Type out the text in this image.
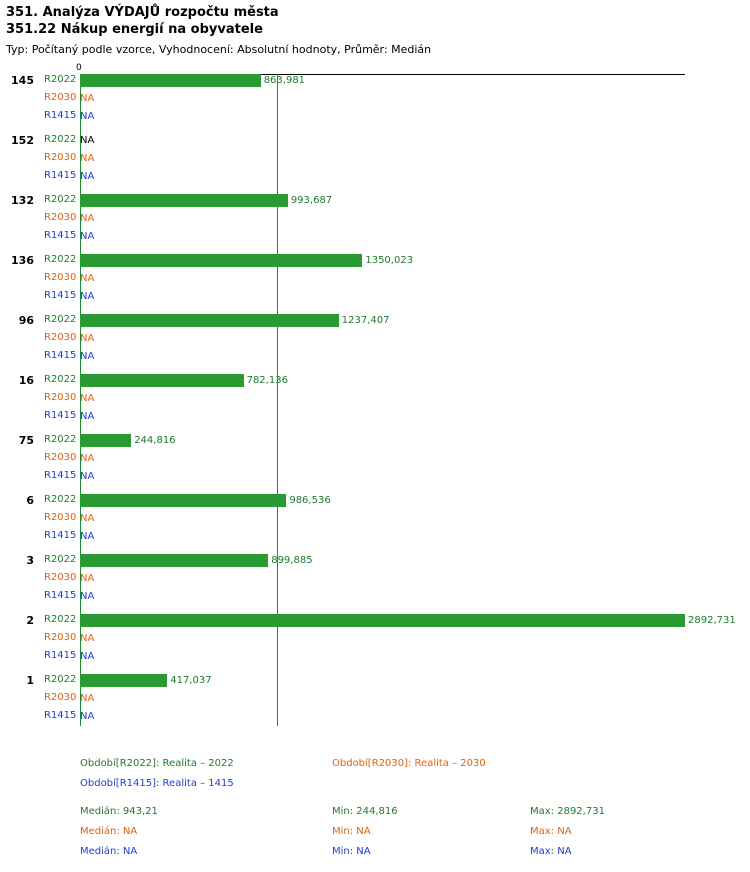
351. Analýza VÝDAJŮ rozpočtu města
351.22 Nákup energií na obyvatele
Typ: Počítaný podle vzorce, Vyhodnocení: Absolutní hodnoty, Průměr: Medián
0
145 R2022	863,981
R2030 NA
R1415 NA
152 R2022 NA
R2030 NA
R1415 NA
132 R2022	993,687
R2030 NA
R1415 NA
136 R2022	1350,023
R2030 NA
R1415 NA
96 R2022	1237,407
R2030 NA
R1415 NA
16 R2022	782,136
R2030 NA
R1415 NA
75 R2022	244,816
R2030 NA
R1415 NA
6 R2022	986,536
R2030 NA
R1415 NA
3 R2022	899,885
R2030 NA
R1415 NA
2 R2022	2892,731
R2030 NA
R1415 NA
1 R2022	417,037
R2030 NA
R1415 NA
Období[R2022]: Realita – 2022	Období[R2030]: Realita – 2030
Období[R1415]: Realita – 1415
Medián: 943,21	Min: 244,816	Max: 2892,731
Medián: NA	Min: NA	Max: NA
Medián: NA	Min: NA	Max: NA
